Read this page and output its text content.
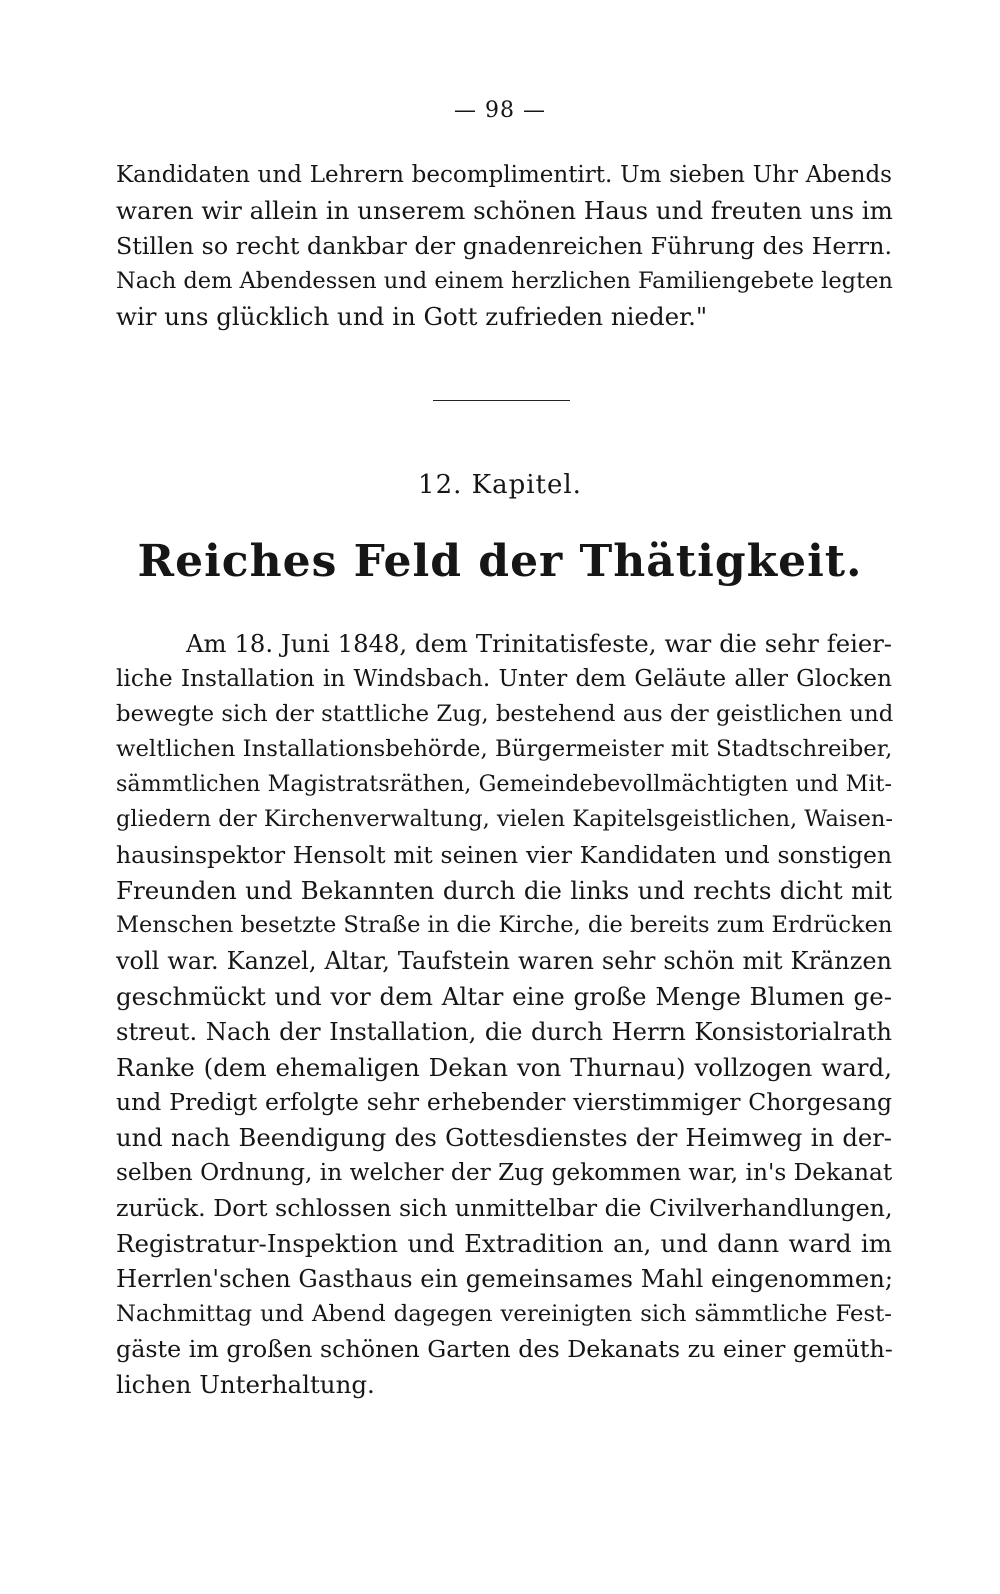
— 98 —
Kandidaten und Lehrern becomplimentirt. Um sieben Uhr Abends
waren wir allein in unserem schönen Haus und freuten uns im
Stillen so recht dankbar der gnadenreichen Führung des Herrn.
Nach dem Abendessen und einem herzlichen Familiengebete legten
wir uns glücklich und in Gott zufrieden nieder."
12. Kapitel.
Reiches Feld der Thätigkeit.
Am 18. Juni 1848, dem Trinitatisfeste, war die sehr feier-
liche Installation in Windsbach. Unter dem Geläute aller Glocken
bewegte sich der stattliche Zug, bestehend aus der geistlichen und
weltlichen Installationsbehörde, Bürgermeister mit Stadtschreiber,
sämmtlichen Magistratsräthen, Gemeindebevollmächtigten und Mit-
gliedern der Kirchenverwaltung, vielen Kapitelsgeistlichen, Waisen-
hausinspektor Hensolt mit seinen vier Kandidaten und sonstigen
Freunden und Bekannten durch die links und rechts dicht mit
Menschen besetzte Straße in die Kirche, die bereits zum Erdrücken
voll war. Kanzel, Altar, Taufstein waren sehr schön mit Kränzen
geschmückt und vor dem Altar eine große Menge Blumen ge-
streut. Nach der Installation, die durch Herrn Konsistorialrath
Ranke (dem ehemaligen Dekan von Thurnau) vollzogen ward,
und Predigt erfolgte sehr erhebender vierstimmiger Chorgesang
und nach Beendigung des Gottesdienstes der Heimweg in der-
selben Ordnung, in welcher der Zug gekommen war, in's Dekanat
zurück. Dort schlossen sich unmittelbar die Civilverhandlungen,
Registratur-Inspektion und Extradition an, und dann ward im
Herrlen'schen Gasthaus ein gemeinsames Mahl eingenommen;
Nachmittag und Abend dagegen vereinigten sich sämmtliche Fest-
gäste im großen schönen Garten des Dekanats zu einer gemüth-
lichen Unterhaltung.
